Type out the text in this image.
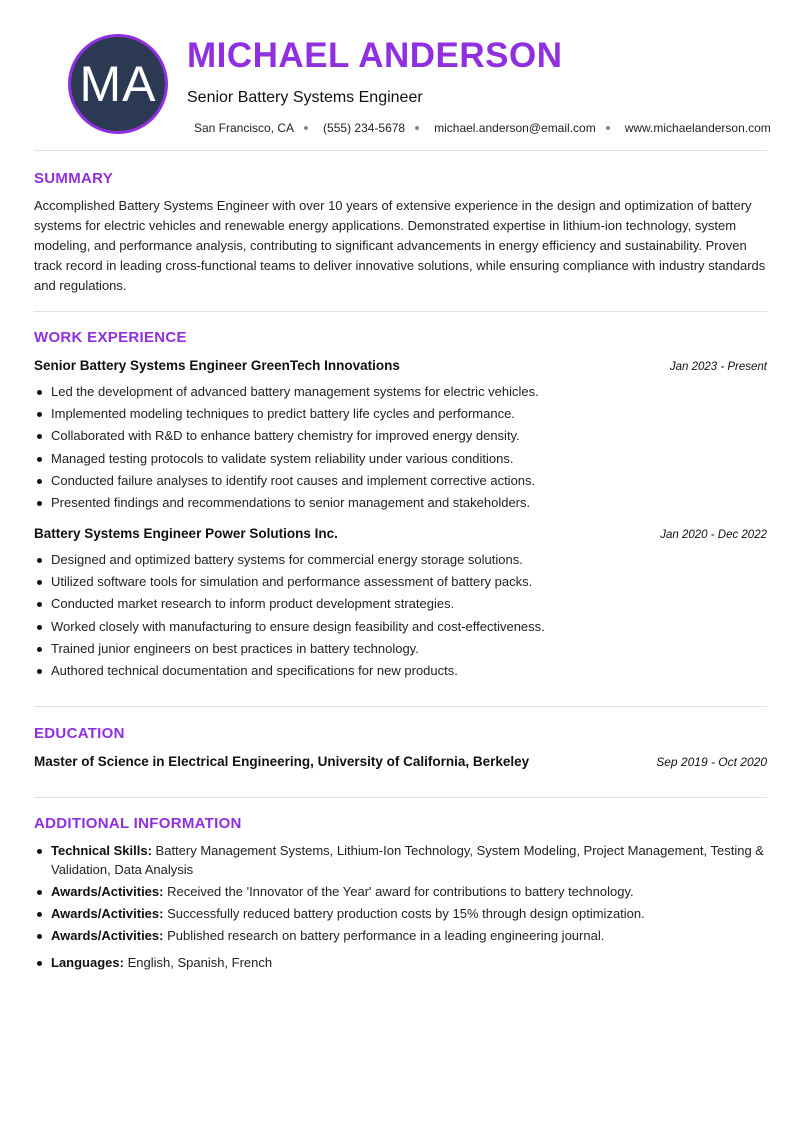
MA
MICHAEL ANDERSON
Senior Battery Systems Engineer
San Francisco, CA (555) 234-5678 michael.anderson@email.com www.michaelanderson.com
SUMMARY

Accomplished Battery Systems Engineer with over 10 years of extensive experience in the design and optimization of battery systems for electric vehicles and renewable energy applications. Demonstrated expertise in lithium-ion technology, system modeling, and performance analysis, contributing to significant advancements in energy efficiency and sustainability. Proven track record in leading cross-functional teams to deliver innovative solutions, while ensuring compliance with industry standards and regulations.

WORK EXPERIENCE
Senior Battery Systems Engineer GreenTech Innovations	Jan 2023 - Present
Led the development of advanced battery management systems for electric vehicles.
Implemented modeling techniques to predict battery life cycles and performance.
Collaborated with R&D to enhance battery chemistry for improved energy density.
Managed testing protocols to validate system reliability under various conditions.
Conducted failure analyses to identify root causes and implement corrective actions.
Presented findings and recommendations to senior management and stakeholders.
Battery Systems Engineer Power Solutions Inc.	Jan 2020 - Dec 2022
Designed and optimized battery systems for commercial energy storage solutions.
Utilized software tools for simulation and performance assessment of battery packs.
Conducted market research to inform product development strategies.
Worked closely with manufacturing to ensure design feasibility and cost-effectiveness.
Trained junior engineers on best practices in battery technology.
Authored technical documentation and specifications for new products.
EDUCATION
Master of Science in Electrical Engineering, University of California, Berkeley	Sep 2019 - Oct 2020
ADDITIONAL INFORMATION
Technical Skills: Battery Management Systems, Lithium-Ion Technology, System Modeling, Project Management, Testing & Validation, Data Analysis
Awards/Activities: Received the 'Innovator of the Year' award for contributions to battery technology.
Awards/Activities: Successfully reduced battery production costs by 15% through design optimization.
Awards/Activities: Published research on battery performance in a leading engineering journal.
Languages: English, Spanish, French
